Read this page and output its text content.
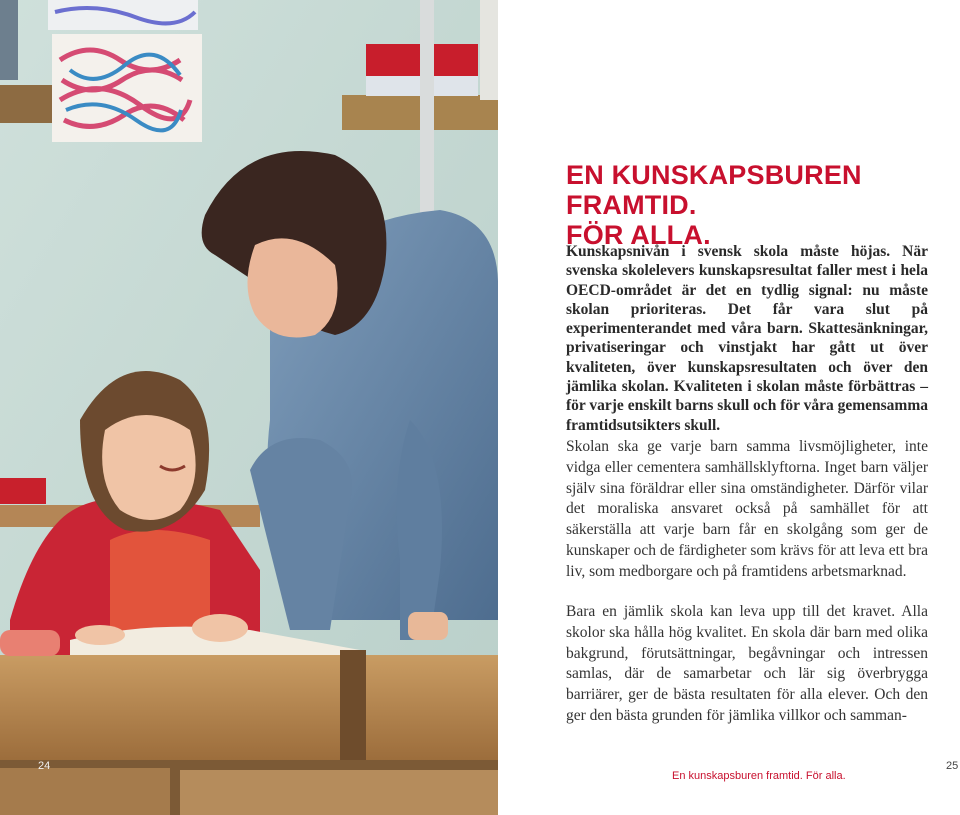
24
EN KUNSKAPSBUREN FRAMTID.
FÖR ALLA.

Kunskapsnivån i svensk skola måste höjas. När svenska skolelevers kunskapsresultat faller mest i hela OECD-området är det en tydlig signal: nu måste skolan prioriteras. Det får vara slut på experimenterandet med våra barn. Skattesänkningar, privatiseringar och vinstjakt har gått ut över kvaliteten, över kunskapsresultaten och över den jämlika skolan. Kvaliteten i skolan måste förbättras – för varje enskilt barns skull och för våra gemensamma framtidsutsikters skull.

Skolan ska ge varje barn samma livsmöjligheter, inte vidga eller cementera samhällsklyftorna. Inget barn väljer själv sina föräldrar eller sina omständigheter. Därför vilar det moraliska ansvaret också på samhället för att säkerställa att varje barn får en skolgång som ger de kunskaper och de färdigheter som krävs för att leva ett bra liv, som medborgare och på framtidens arbetsmarknad.

Bara en jämlik skola kan leva upp till det kravet. Alla skolor ska hålla hög kvalitet. En skola där barn med olika bakgrund, förutsättningar, begåvningar och intressen samlas, där de samarbetar och lär sig överbrygga barriärer, ger de bästa resultaten för alla elever. Och den ger den bästa grunden för jämlika villkor och samman-

25
En kunskapsburen framtid. För alla.
